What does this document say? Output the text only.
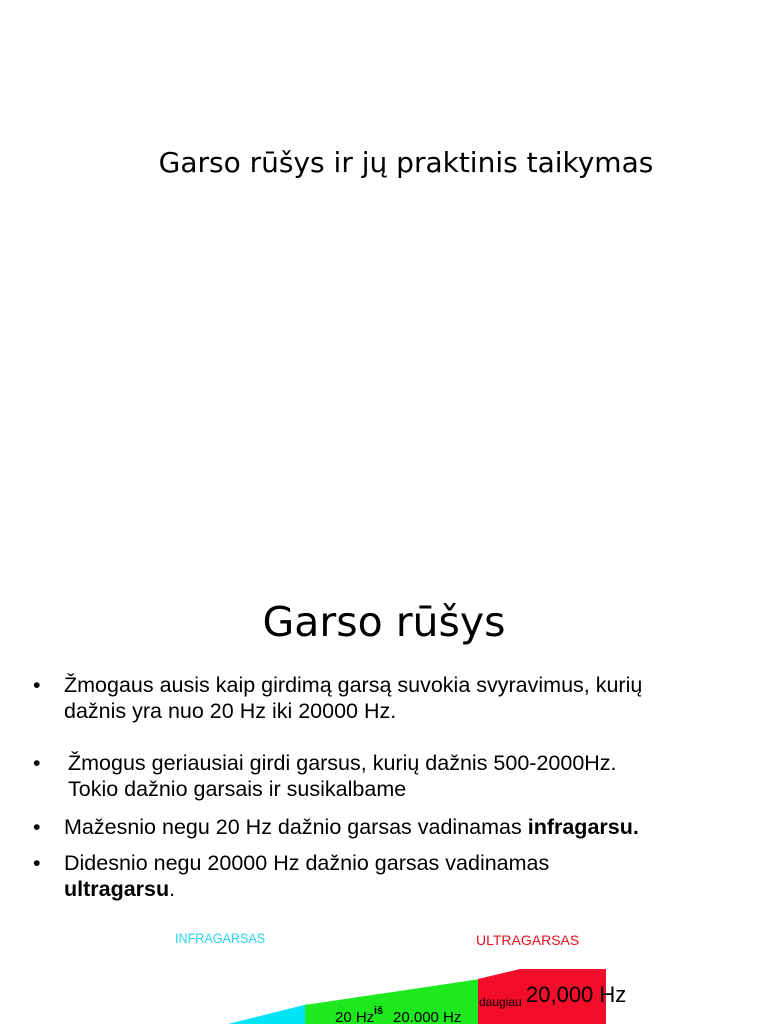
Garso rūšys ir jų praktinis taikymas
Garso rūšys
• Žmogaus ausis kaip girdimą garsą suvokia svyravimus, kurių
dažnis yra nuo 20 Hz iki 20000 Hz.
• Žmogus geriausiai girdi garsus, kurių dažnis 500-2000Hz.
Tokio dažnio garsais ir susikalbame
• Mažesnio negu 20 Hz dažnio garsas vadinamas infragarsu.
• Didesnio negu 20000 Hz dažnio garsas vadinamas
ultragarsu.
INFRAGARSAS	ULTRAGARSAS
20 Hz iš 20.000 Hz
daugiau 20,000 Hz
